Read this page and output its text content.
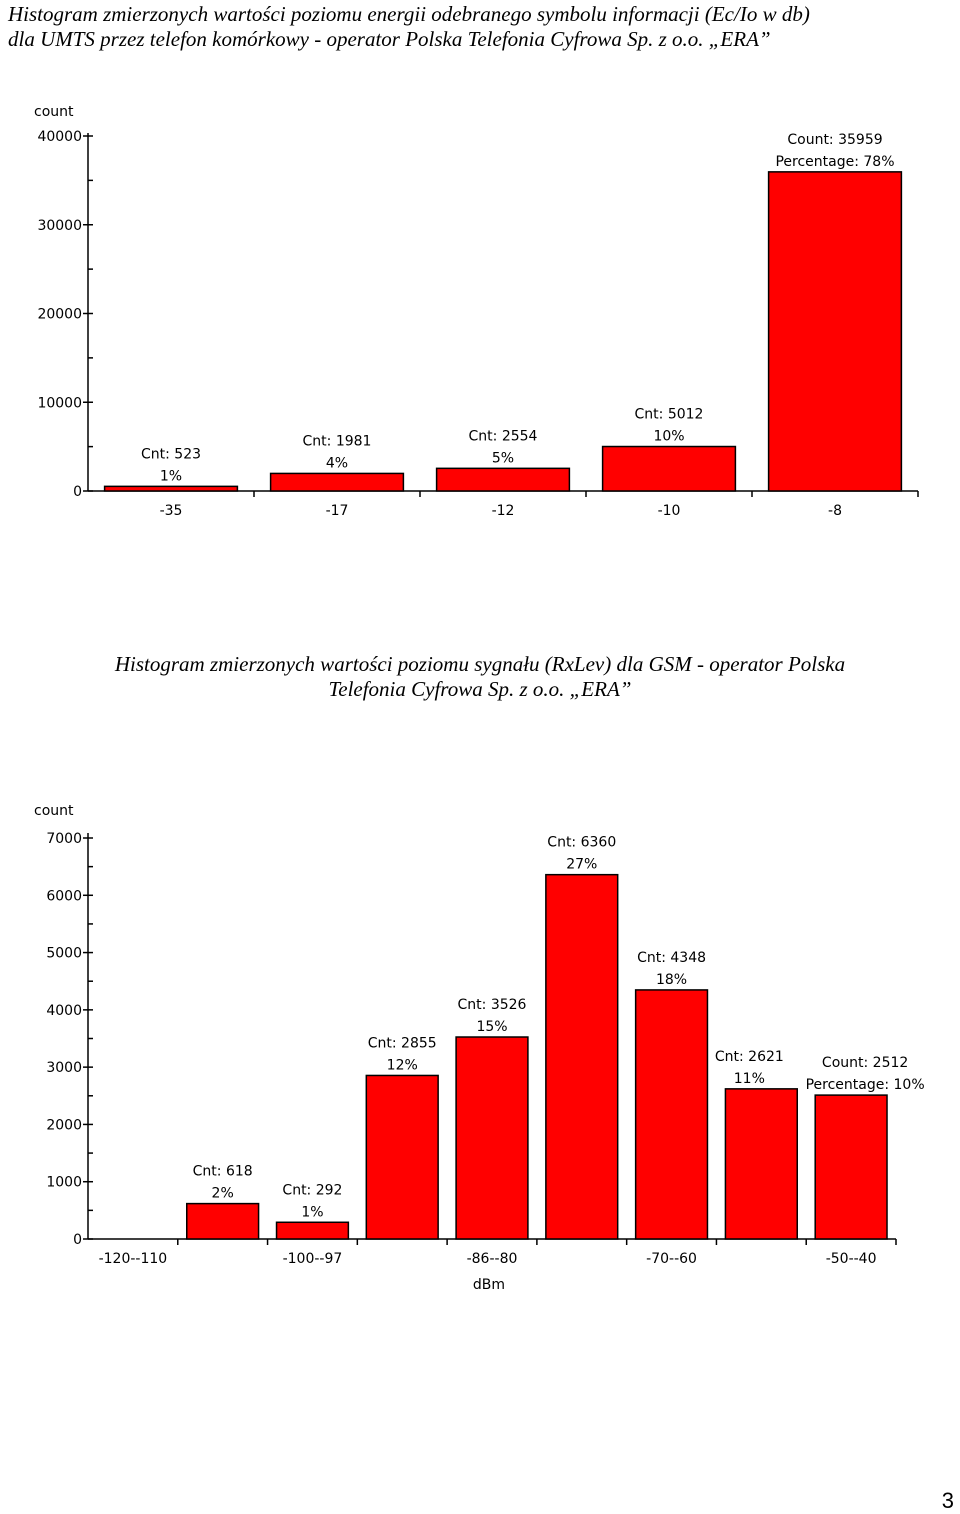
Histogram zmierzonych wartości poziomu energii odebranego symbolu informacji (Ec/Io w db)
dla UMTS przez telefon komórkowy - operator Polska Telefonia Cyfrowa Sp. z o.o. „ERA”
count
0
10000
20000
30000
40000
Cnt: 523
1%
-35
Cnt: 1981
4%
-17
Cnt: 2554
5%
-12
Cnt: 5012
10%
-10
Count: 35959
Percentage: 78%
-8
Histogram zmierzonych wartości poziomu sygnału (RxLev) dla GSM - operator Polska
Telefonia Cyfrowa Sp. z o.o. „ERA”
count
0
1000
2000
3000
4000
5000
6000
7000
-120--110
Cnt: 618
2%	Cnt: 292
1%
-100--97
Cnt: 2855
12%
Cnt: 3526
15%
-86--80
Cnt: 6360
27%
Cnt: 4348
18%
-70--60
Cnt: 2621
11%
Count: 2512
Percentage: 10%
-50--40
dBm
3
